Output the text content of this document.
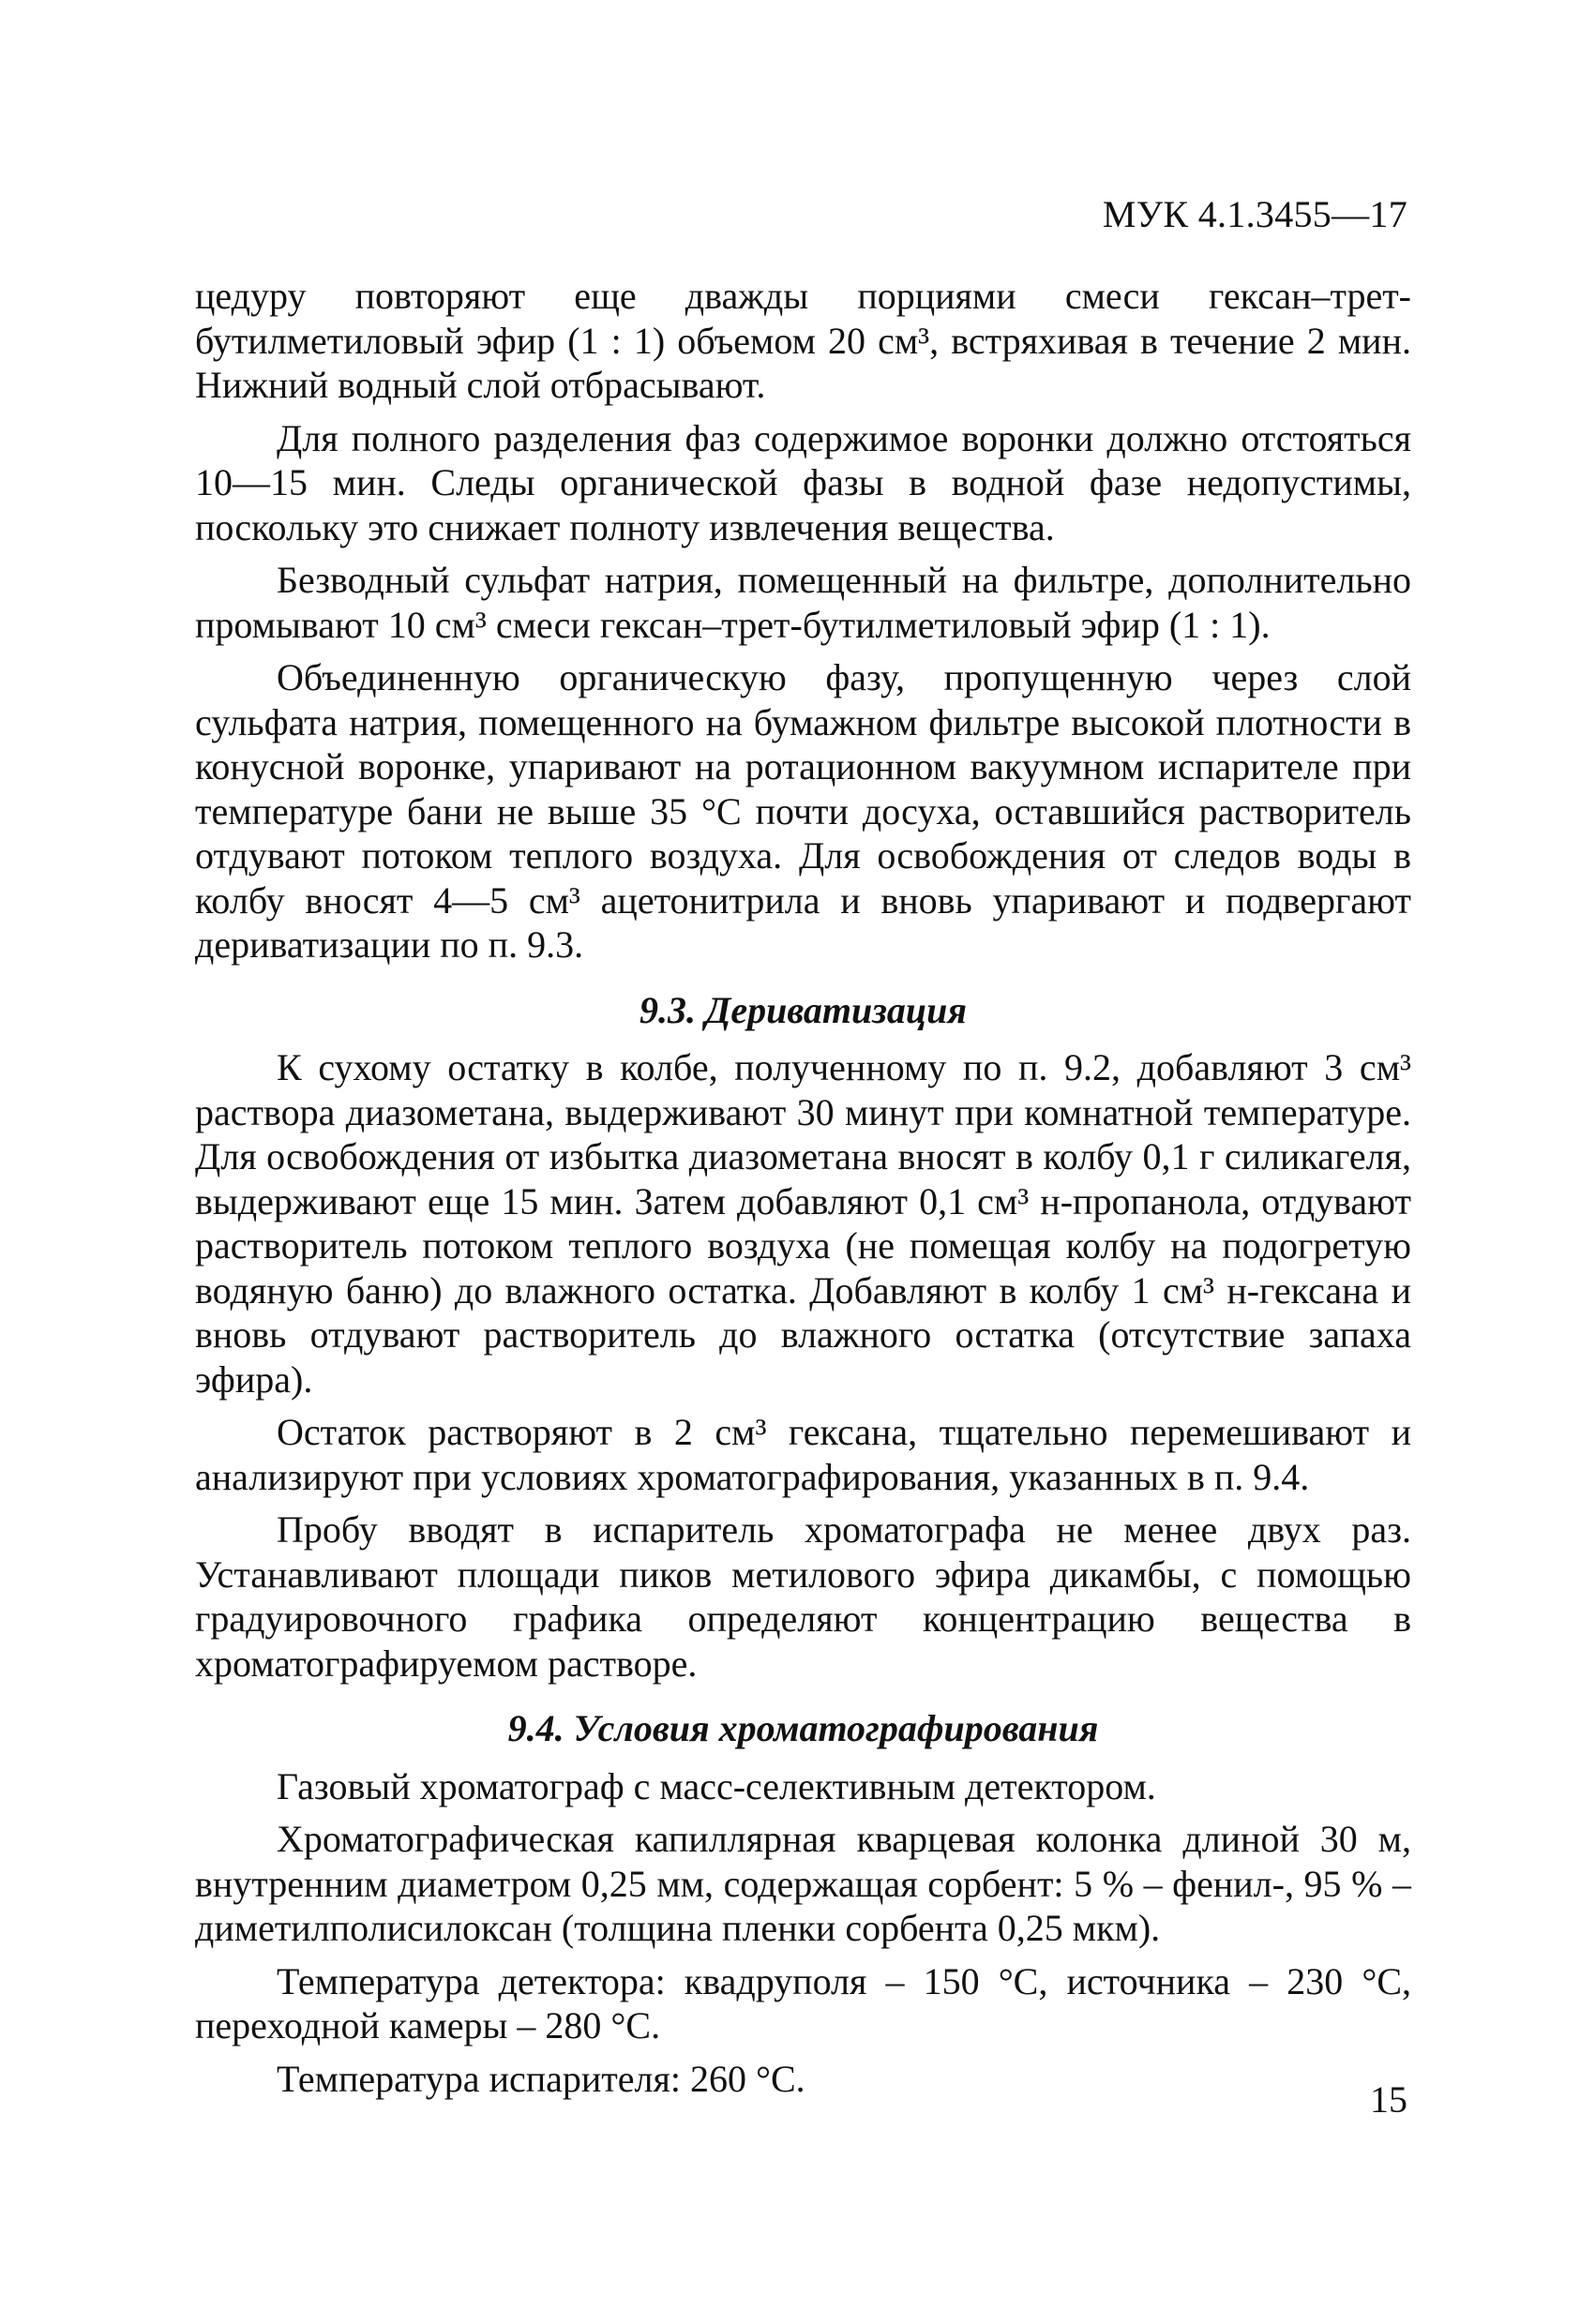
МУК 4.1.3455—17

цедуру повторяют еще дважды порциями смеси гексан–трет-бутилметиловый эфир (1 : 1) объемом 20 см³, встряхивая в течение 2 мин. Нижний водный слой отбрасывают.

Для полного разделения фаз содержимое воронки должно отстояться 10—15 мин. Следы органической фазы в водной фазе недопустимы, поскольку это снижает полноту извлечения вещества.

Безводный сульфат натрия, помещенный на фильтре, дополнительно промывают 10 см³ смеси гексан–трет-бутилметиловый эфир (1 : 1).

Объединенную органическую фазу, пропущенную через слой сульфата натрия, помещенного на бумажном фильтре высокой плотности в конусной воронке, упаривают на ротационном вакуумном испарителе при температуре бани не выше 35 °С почти досуха, оставшийся растворитель отдувают потоком теплого воздуха. Для освобождения от следов воды в колбу вносят 4—5 см³ ацетонитрила и вновь упаривают и подвергают дериватизации по п. 9.3.

9.3. Дериватизация

К сухому остатку в колбе, полученному по п. 9.2, добавляют 3 см³ раствора диазометана, выдерживают 30 минут при комнатной температуре. Для освобождения от избытка диазометана вносят в колбу 0,1 г силикагеля, выдерживают еще 15 мин. Затем добавляют 0,1 см³ н-пропанола, отдувают растворитель потоком теплого воздуха (не помещая колбу на подогретую водяную баню) до влажного остатка. Добавляют в колбу 1 см³ н-гексана и вновь отдувают растворитель до влажного остатка (отсутствие запаха эфира).

Остаток растворяют в 2 см³ гексана, тщательно перемешивают и анализируют при условиях хроматографирования, указанных в п. 9.4.

Пробу вводят в испаритель хроматографа не менее двух раз. Устанавливают площади пиков метилового эфира дикамбы, с помощью градуировочного графика определяют концентрацию вещества в хроматографируемом растворе.

9.4. Условия хроматографирования

Газовый хроматограф с масс-селективным детектором.

Хроматографическая капиллярная кварцевая колонка длиной 30 м, внутренним диаметром 0,25 мм, содержащая сорбент: 5 % – фенил-, 95 % – диметилполисилоксан (толщина пленки сорбента 0,25 мкм).

Температура детектора: квадруполя – 150 °С, источника – 230 °С, переходной камеры – 280 °С.

Температура испарителя: 260 °С.	15
